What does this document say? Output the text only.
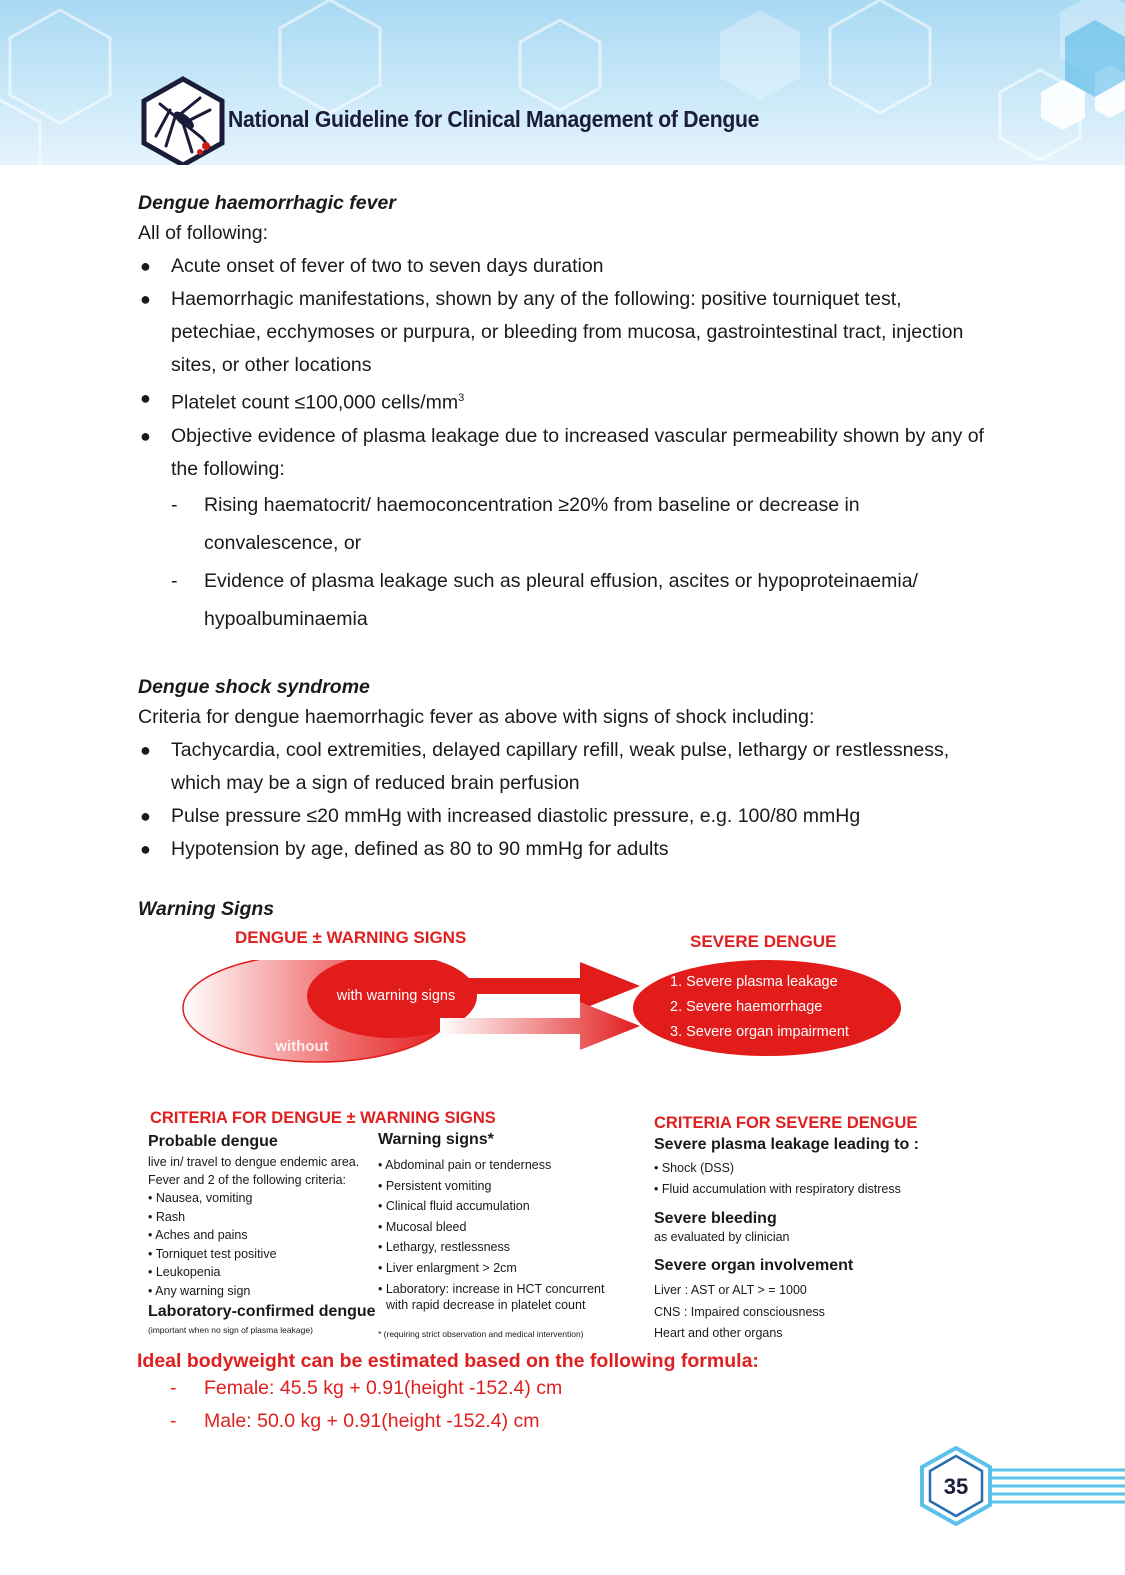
National Guideline for Clinical Management of Dengue
Dengue haemorrhagic fever

All of following:

● Acute onset of fever of two to seven days duration
● Haemorrhagic manifestations, shown by any of the following: positive tourniquet test, petechiae, ecchymoses or purpura, or bleeding from mucosa, gastrointestinal tract, injection sites, or other locations
● Platelet count ≤100,000 cells/$mm^3$
● Objective evidence of plasma leakage due to increased vascular permeability shown by any of the following:
- Rising haematocrit/ haemoconcentration ≥20% from baseline or decrease in convalescence, or
- Evidence of plasma leakage such as pleural effusion, ascites or hypoproteinaemia/ hypoalbuminaemia
Dengue shock syndrome

Criteria for dengue haemorrhagic fever as above with signs of shock including:

● Tachycardia, cool extremities, delayed capillary refill, weak pulse, lethargy or restlessness, which may be a sign of reduced brain perfusion
● Pulse pressure ≤20 mmHg with increased diastolic pressure, e.g. 100/80 mmHg
● Hypotension by age, defined as 80 to 90 mmHg for adults
Warning Signs
DENGUE ± WARNING SIGNS	SEVERE DENGUE
with warning signs
without
1. Severe plasma leakage
2. Severe haemorrhage
3. Severe organ impairment
CRITERIA FOR DENGUE ± WARNING SIGNS
Probable dengue
live in/ travel to dengue endemic area.
Fever and 2 of the following criteria:
• Nausea, vomiting
• Rash
• Aches and pains
• Torniquet test positive
• Leukopenia
• Any warning sign
Laboratory-confirmed dengue
(important when no sign of plasma leakage)
Warning signs*
• Abdominal pain or tenderness
• Persistent vomiting
• Clinical fluid accumulation
• Mucosal bleed
• Lethargy, restlessness
• Liver enlargment > 2cm
• Laboratory: increase in HCT concurrent
with rapid decrease in platelet count
* (requiring strict observation and medical intervention)
CRITERIA FOR SEVERE DENGUE
Severe plasma leakage leading to :
• Shock (DSS)
• Fluid accumulation with respiratory distress
Severe bleeding
as evaluated by clinician
Severe organ involvement
Liver : AST or ALT > = 1000
CNS : Impaired consciousness
Heart and other organs
Ideal bodyweight can be estimated based on the following formula:
- Female: 45.5 kg + 0.91(height -152.4) cm
- Male: 50.0 kg + 0.91(height -152.4) cm
35
